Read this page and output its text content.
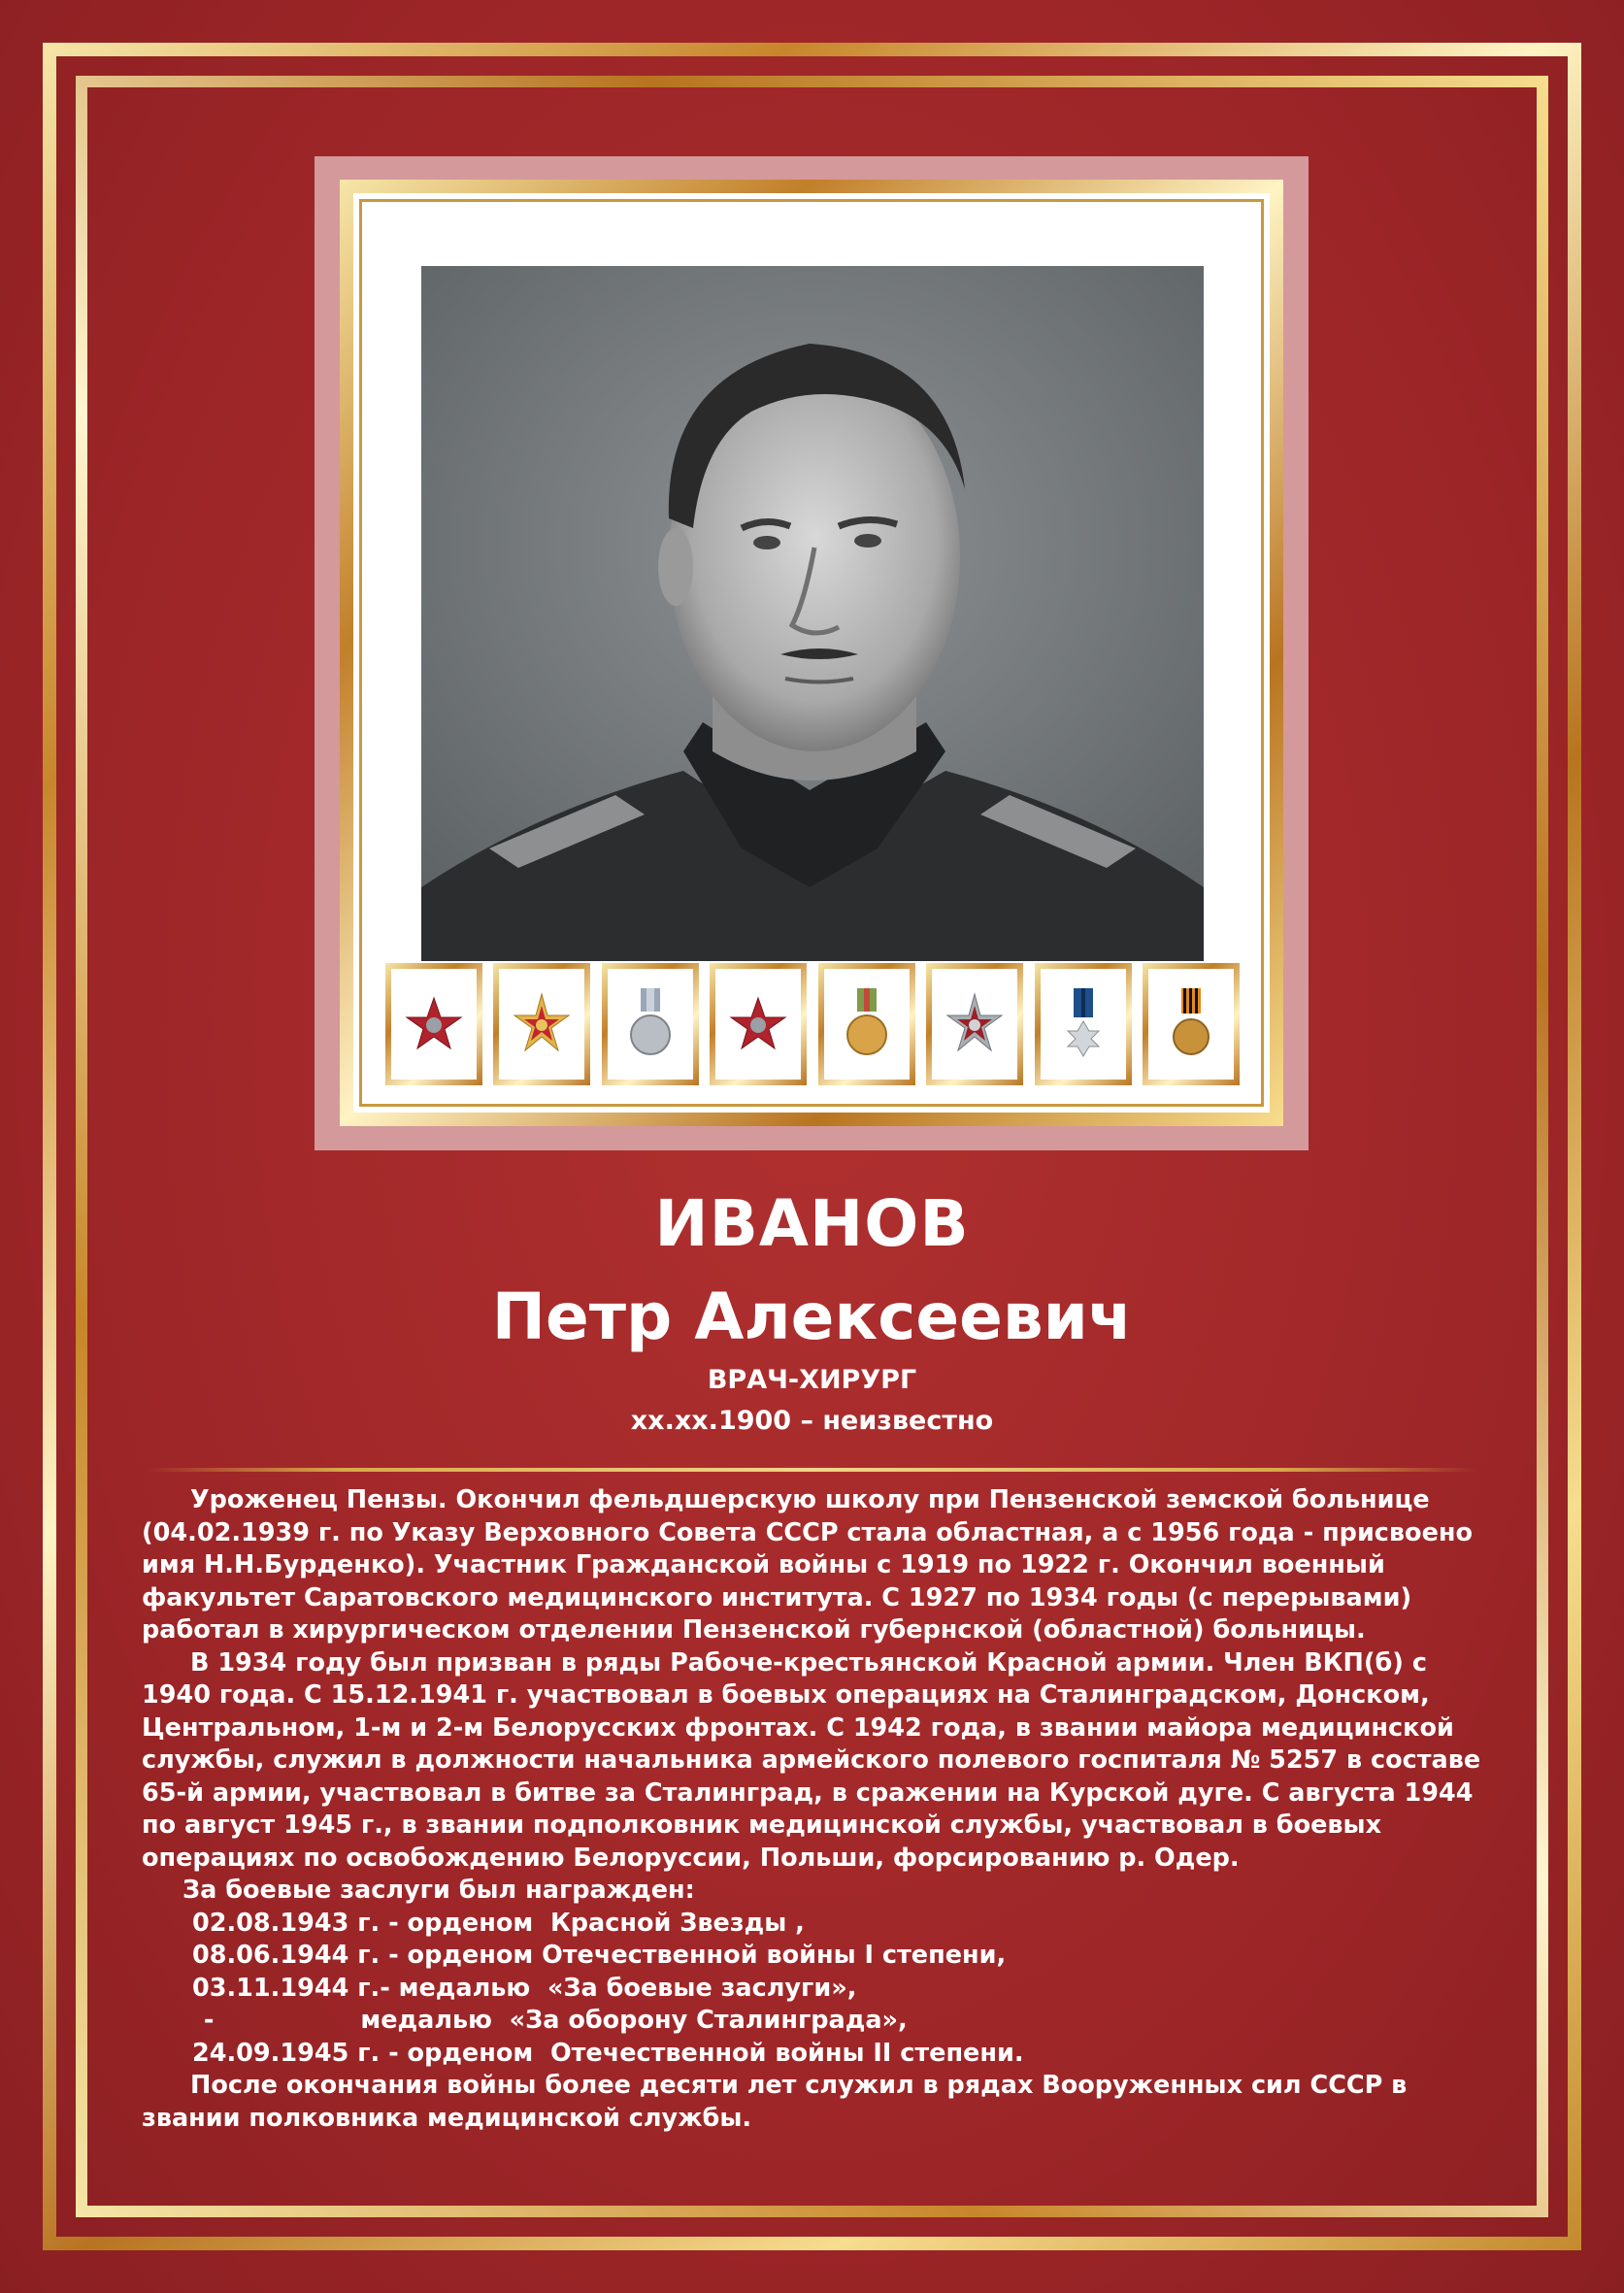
ИВАНОВ
Петр Алексеевич
ВРАЧ-ХИРУРГ
xx.xx.1900 – неизвестно

Уроженец Пензы. Окончил фельдшерскую школу при Пензенской земской больнице (04.02.1939 г. по Указу Верховного Совета СССР стала областная, а с 1956 года - присвоено имя Н.Н.Бурденко). Участник Гражданской войны с 1919 по 1922 г. Окончил военный факультет Саратовского медицинского института. С 1927 по 1934 годы (с перерывами) работал в хирургическом отделении Пензенской губернской (областной) больницы.

В 1934 году был призван в ряды Рабоче-крестьянской Красной армии. Член ВКП(б) с 1940 года. С 15.12.1941 г. участвовал в боевых операциях на Сталинградском, Донском, Центральном, 1-м и 2-м Белорусских фронтах. С 1942 года, в звании майора медицинской службы, служил в должности начальника армейского полевого госпиталя № 5257 в составе 65-й армии, участвовал в битве за Сталинград, в сражении на Курской дуге. С августа 1944 по август 1945 г., в звании подполковник медицинской службы, участвовал в боевых операциях по освобождению Белоруссии, Польши, форсированию р. Одер.

За боевые заслуги был награжден:

02.08.1943 г. - орденом  Красной Звезды ,

08.06.1944 г. - орденом Отечественной войны I степени,

03.11.1944 г.- медалью  «За боевые заслуги»,

-                 медалью  «За оборону Сталинграда»,

24.09.1945 г. - орденом  Отечественной войны II степени.

После окончания войны более десяти лет служил в рядах Вооруженных сил СССР в звании полковника медицинской службы.
